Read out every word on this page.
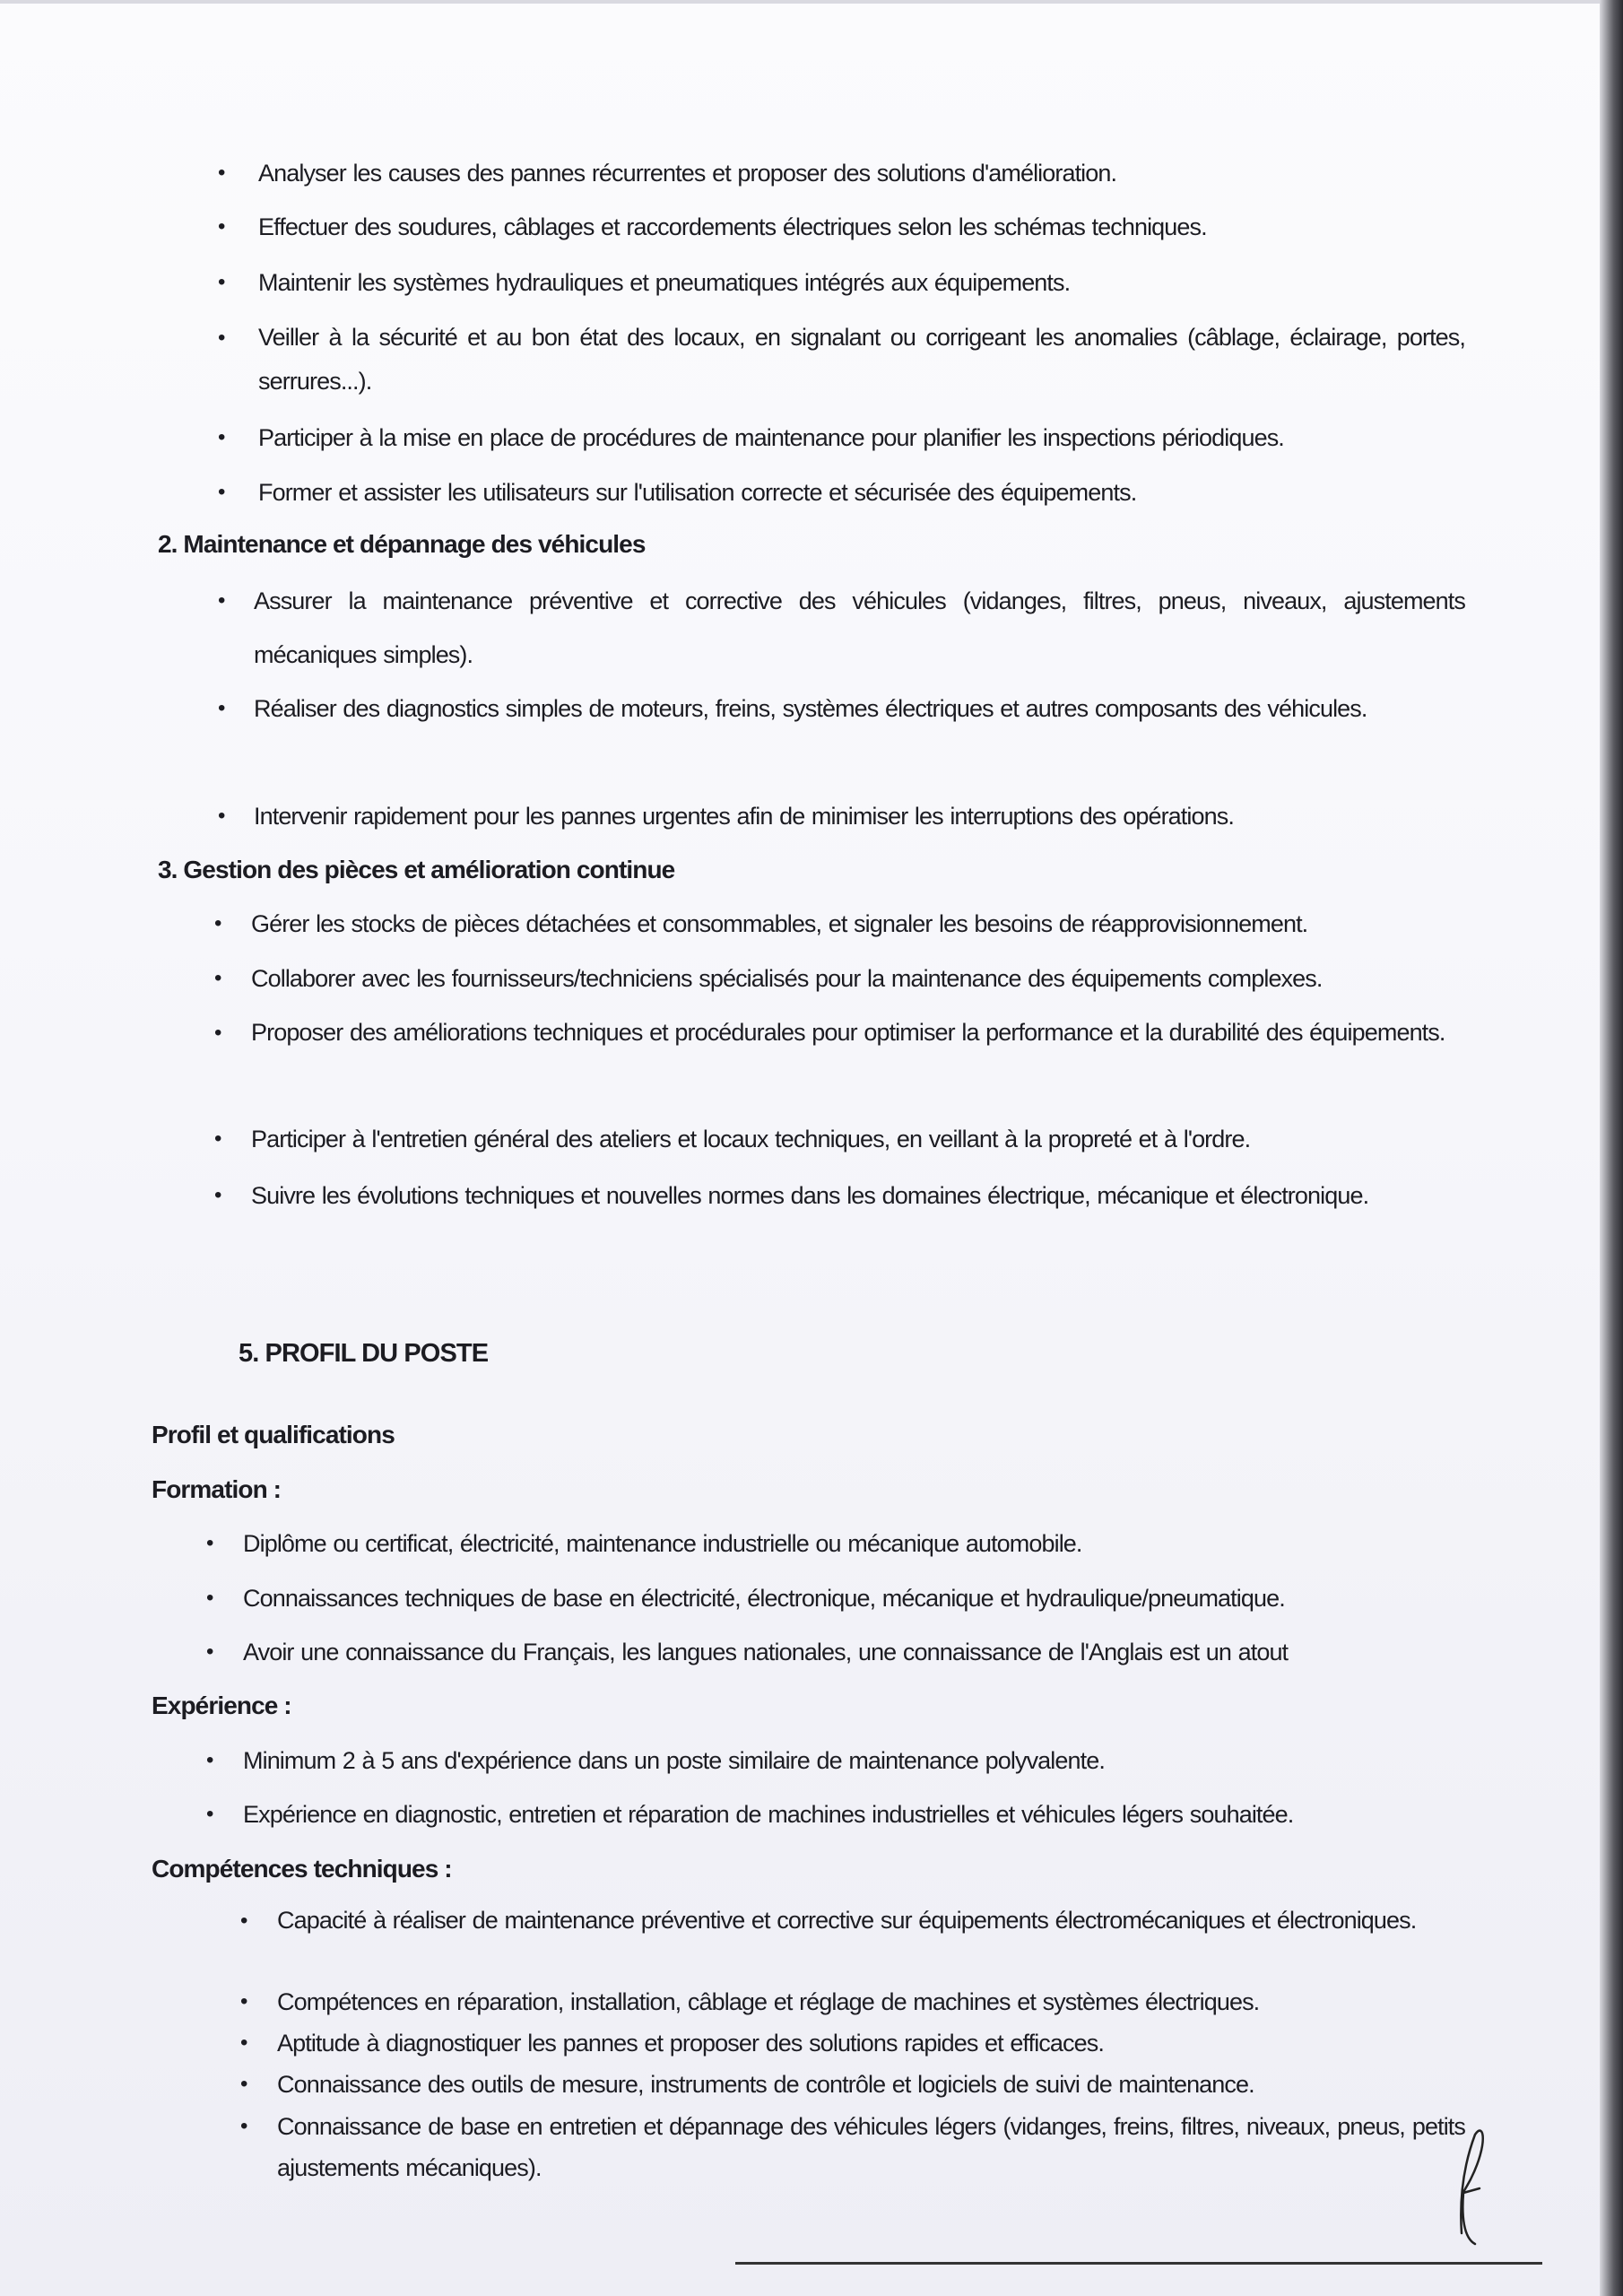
• Analyser les causes des pannes récurrentes et proposer des solutions d'amélioration.
• Effectuer des soudures, câblages et raccordements électriques selon les schémas techniques.
• Maintenir les systèmes hydrauliques et pneumatiques intégrés aux équipements.
• Veiller à la sécurité et au bon état des locaux, en signalant ou corrigeant les anomalies (câblage, éclairage, portes, serrures...).
• Participer à la mise en place de procédures de maintenance pour planifier les inspections périodiques.
• Former et assister les utilisateurs sur l'utilisation correcte et sécurisée des équipements.
2. Maintenance et dépannage des véhicules
• Assurer la maintenance préventive et corrective des véhicules (vidanges, filtres, pneus, niveaux, ajustements mécaniques simples).
• Réaliser des diagnostics simples de moteurs, freins, systèmes électriques et autres composants des véhicules.
• Intervenir rapidement pour les pannes urgentes afin de minimiser les interruptions des opérations.
3. Gestion des pièces et amélioration continue
• Gérer les stocks de pièces détachées et consommables, et signaler les besoins de réapprovisionnement.
• Collaborer avec les fournisseurs/techniciens spécialisés pour la maintenance des équipements complexes.
• Proposer des améliorations techniques et procédurales pour optimiser la performance et la durabilité des équipements.
• Participer à l'entretien général des ateliers et locaux techniques, en veillant à la propreté et à l'ordre.
• Suivre les évolutions techniques et nouvelles normes dans les domaines électrique, mécanique et électronique.
5. PROFIL DU POSTE
Profil et qualifications
Formation :
• Diplôme ou certificat, électricité, maintenance industrielle ou mécanique automobile.
• Connaissances techniques de base en électricité, électronique, mécanique et hydraulique/pneumatique.
• Avoir une connaissance du Français, les langues nationales, une connaissance de l'Anglais est un atout
Expérience :
• Minimum 2 à 5 ans d'expérience dans un poste similaire de maintenance polyvalente.
• Expérience en diagnostic, entretien et réparation de machines industrielles et véhicules légers souhaitée.
Compétences techniques :
• Capacité à réaliser de maintenance préventive et corrective sur équipements électromécaniques et électroniques.
• Compétences en réparation, installation, câblage et réglage de machines et systèmes électriques.
• Aptitude à diagnostiquer les pannes et proposer des solutions rapides et efficaces.
• Connaissance des outils de mesure, instruments de contrôle et logiciels de suivi de maintenance.
• Connaissance de base en entretien et dépannage des véhicules légers (vidanges, freins, filtres, niveaux, pneus, petits ajustements mécaniques).
